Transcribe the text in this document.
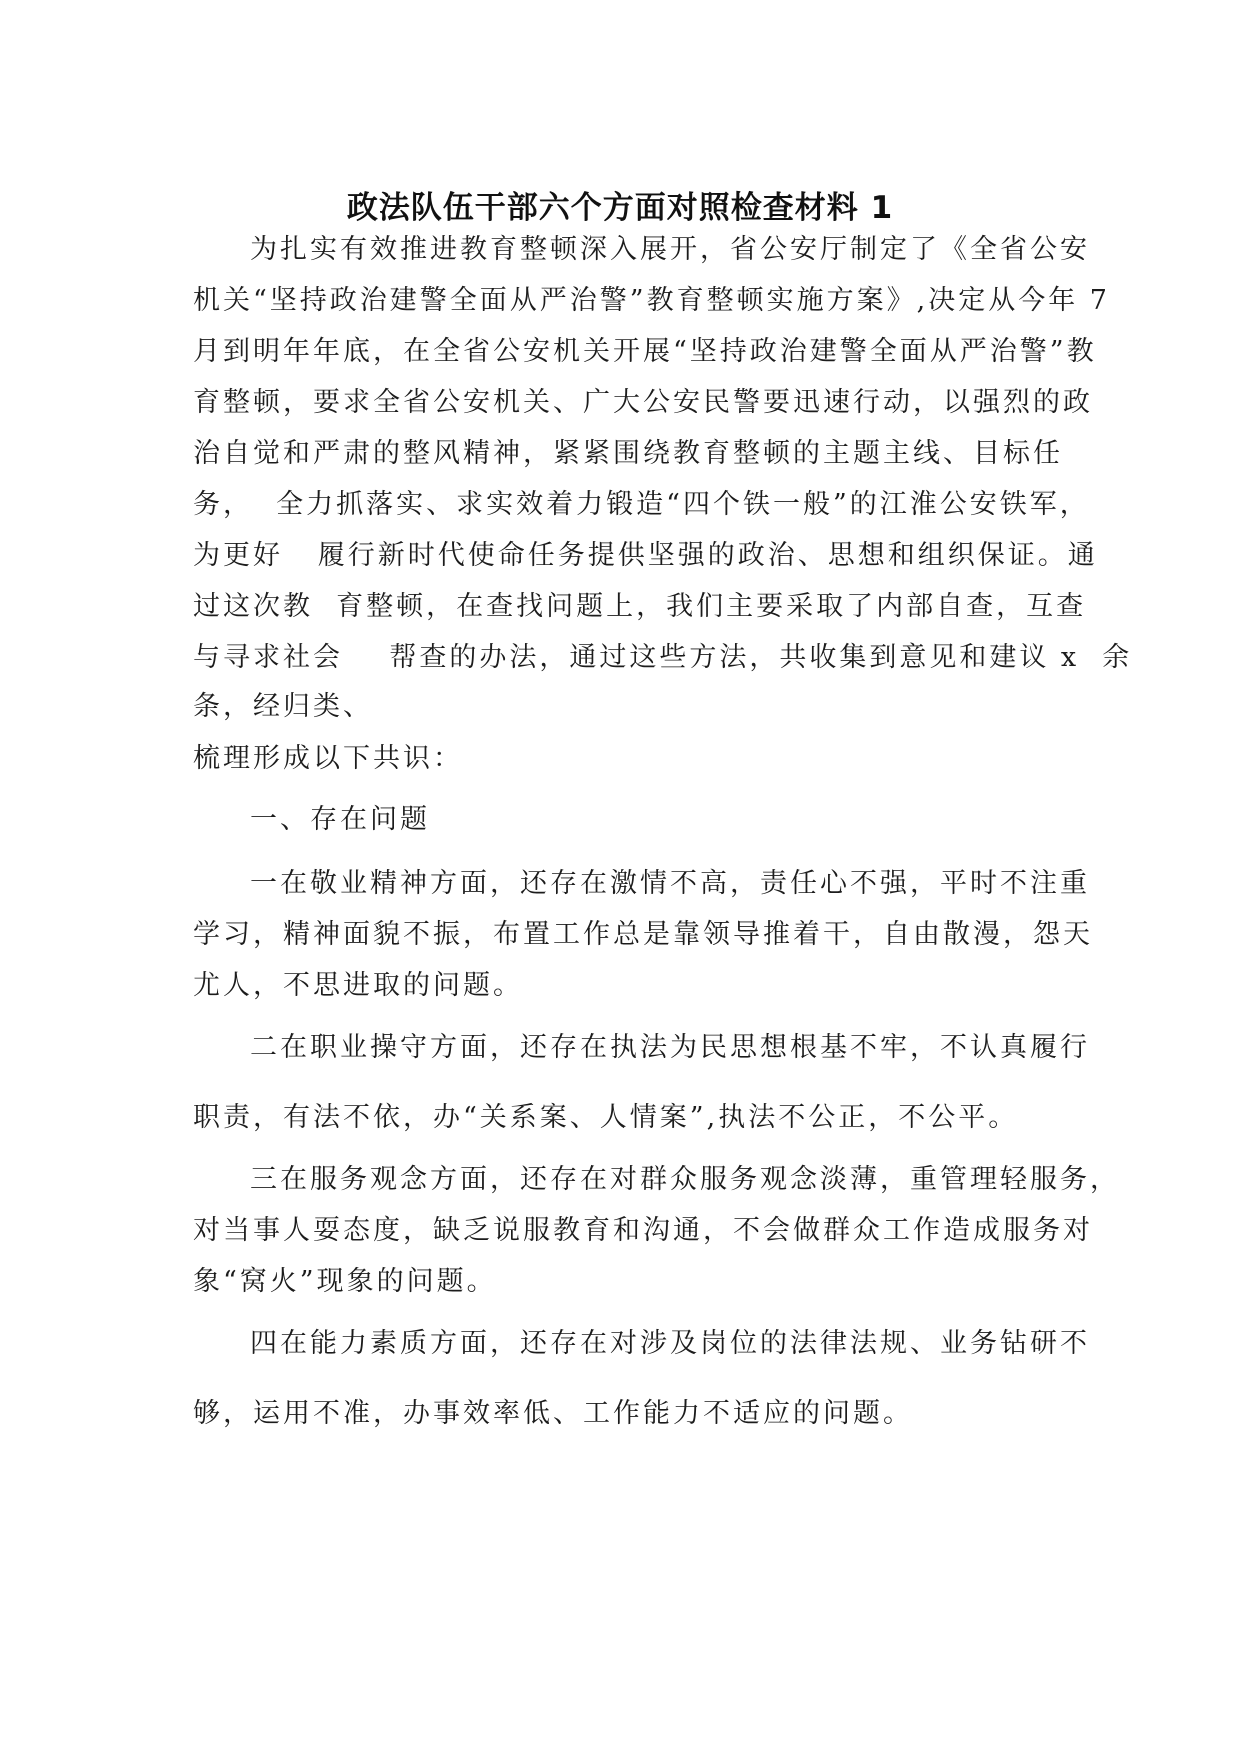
政法队伍干部六个方面对照检查材料 1
为扎实有效推进教育整顿深入展开，省公安厅制定了《全省公安
机关“坚持政治建警全面从严治警”教育整顿实施方案》,决定从今年 7
月到明年年底，在全省公安机关开展“坚持政治建警全面从严治警”教
育整顿，要求全省公安机关、广大公安民警要迅速行动，以强烈的政
治自觉和严肃的整风精神，紧紧围绕教育整顿的主题主线、目标任
务，  全力抓落实、求实效着力锻造“四个铁一般”的江淮公安铁军，
为更好   履行新时代使命任务提供坚强的政治、思想和组织保证。通
过这次教  育整顿，在查找问题上，我们主要采取了内部自查，互查
与寻求社会    帮查的办法，通过这些方法，共收集到意见和建议 x  余
条，经归类、
梳理形成以下共识：
一、存在问题
一在敬业精神方面，还存在激情不高，责任心不强，平时不注重
学习，精神面貌不振，布置工作总是靠领导推着干，自由散漫，怨天
尤人，不思进取的问题。
二在职业操守方面，还存在执法为民思想根基不牢，不认真履行
职责，有法不依，办“关系案、人情案”,执法不公正，不公平。
三在服务观念方面，还存在对群众服务观念淡薄，重管理轻服务，
对当事人耍态度，缺乏说服教育和沟通，不会做群众工作造成服务对
象“窝火”现象的问题。
四在能力素质方面，还存在对涉及岗位的法律法规、业务钻研不
够，运用不准，办事效率低、工作能力不适应的问题。
